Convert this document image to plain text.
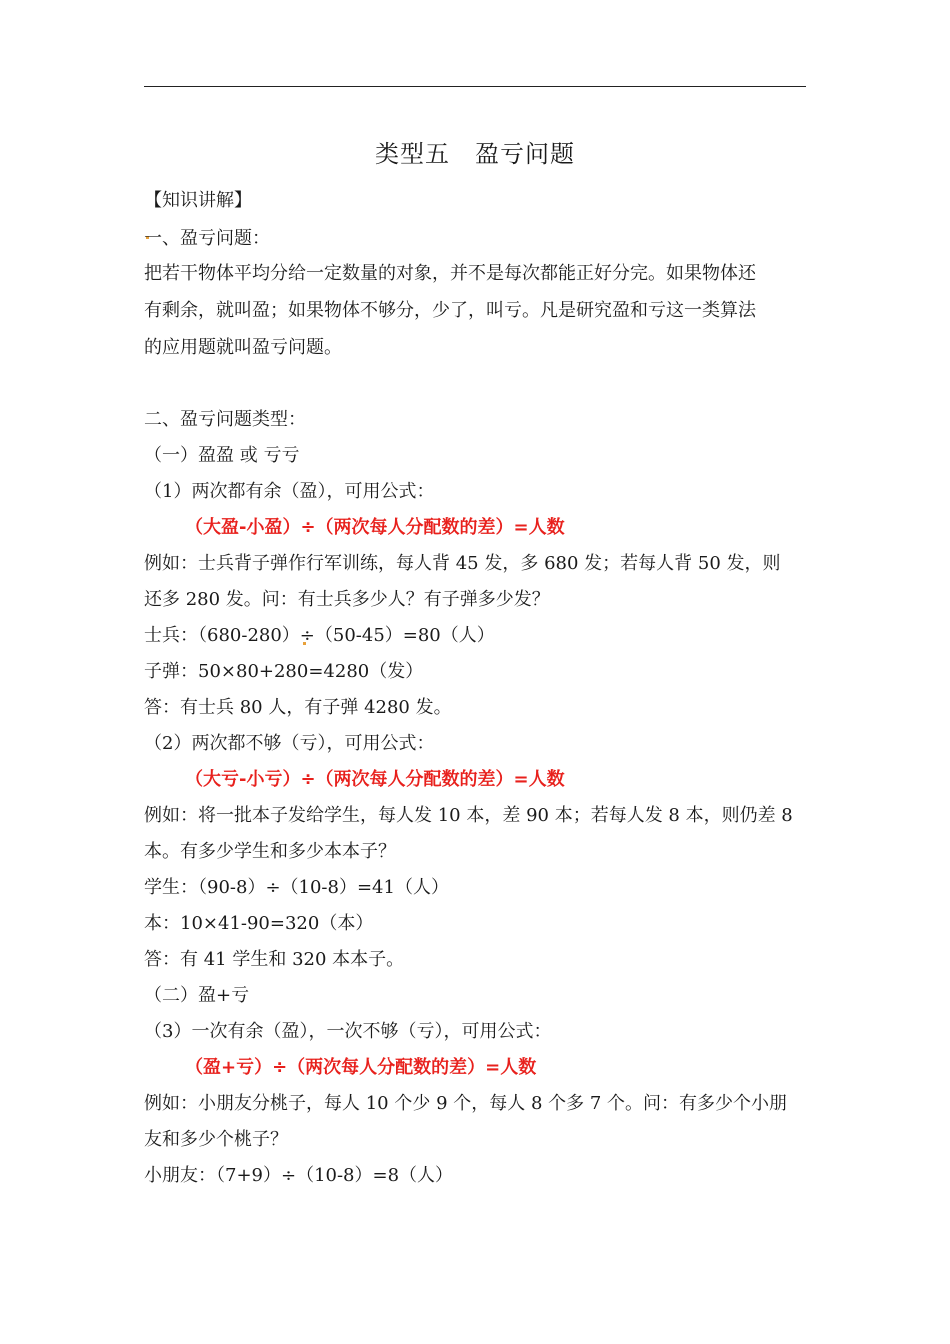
类型五　盈亏问题
【知识讲解】
一、盈亏问题：
把若干物体平均分给一定数量的对象，并不是每次都能正好分完。如果物体还
有剩余，就叫盈；如果物体不够分，少了，叫亏。凡是研究盈和亏这一类算法
的应用题就叫盈亏问题。
二、盈亏问题类型：
（一）盈盈 或 亏亏
（1）两次都有余（盈），可用公式：
（大盈-小盈）÷（两次每人分配数的差）=人数
例如：士兵背子弹作行军训练，每人背 45 发，多 680 发；若每人背 50 发，则
还多 280 发。问：有士兵多少人？有子弹多少发？
士兵：（680-280）÷（50-45）=80（人）
子弹：50×80+280=4280（发）
答：有士兵 80 人，有子弹 4280 发。
（2）两次都不够（亏），可用公式：
（大亏-小亏）÷（两次每人分配数的差）=人数
例如：将一批本子发给学生，每人发 10 本，差 90 本；若每人发 8 本，则仍差 8
本。有多少学生和多少本本子？
学生：（90-8）÷（10-8）=41（人）
本：10×41-90=320（本）
答：有 41 学生和 320 本本子。
（二）盈+亏
（3）一次有余（盈），一次不够（亏），可用公式：
（盈+亏）÷（两次每人分配数的差）=人数
例如：小朋友分桃子，每人 10 个少 9 个，每人 8 个多 7 个。问：有多少个小朋
友和多少个桃子？
小朋友：（7+9）÷（10-8）=8（人）
